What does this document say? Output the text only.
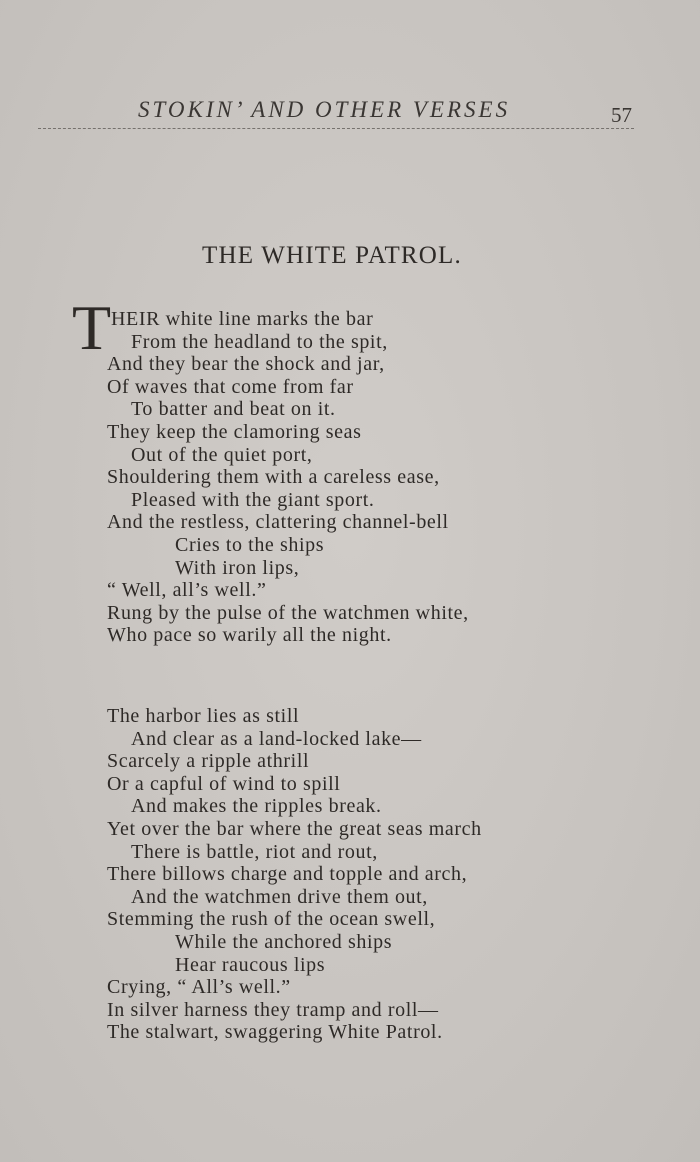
STOKIN’ AND OTHER VERSES	57
THE WHITE PATROL.
T HEIR white line marks the bar
From the headland to the spit,
And they bear the shock and jar,
Of waves that come from far
To batter and beat on it.
They keep the clamoring seas
Out of the quiet port,
Shouldering them with a careless ease,
Pleased with the giant sport.
And the restless, clattering channel-bell
Cries to the ships
With iron lips,
“ Well, all’s well.”
Rung by the pulse of the watchmen white,
Who pace so warily all the night.
The harbor lies as still
And clear as a land-locked lake—
Scarcely a ripple athrill
Or a capful of wind to spill
And makes the ripples break.
Yet over the bar where the great seas march
There is battle, riot and rout,
There billows charge and topple and arch,
And the watchmen drive them out,
Stemming the rush of the ocean swell,
While the anchored ships
Hear raucous lips
Crying, “ All’s well.”
In silver harness they tramp and roll—
The stalwart, swaggering White Patrol.
